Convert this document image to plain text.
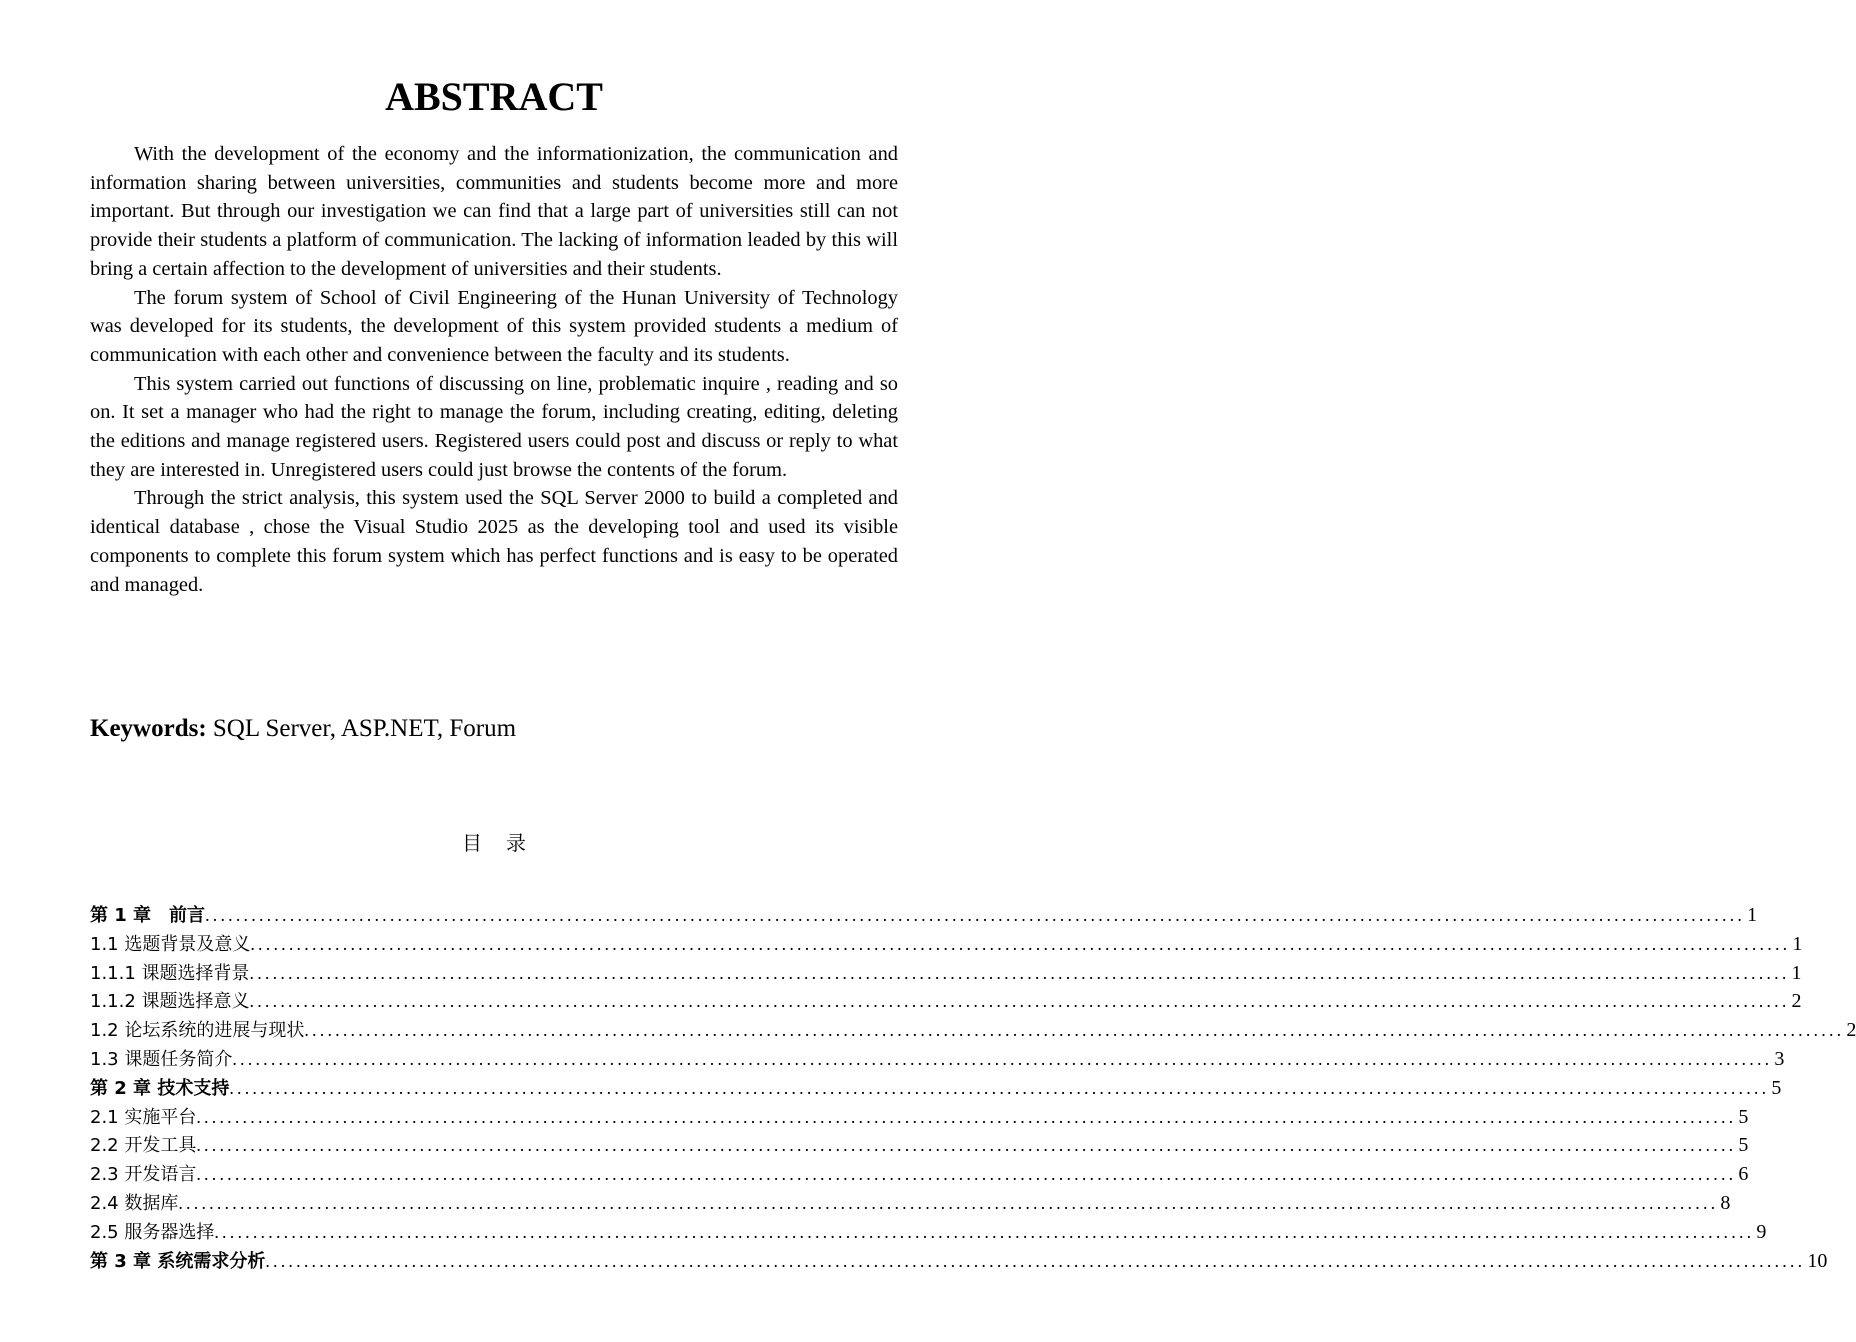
ABSTRACT

With the development of the economy and the informationization, the communication and information sharing between universities, communities and students become more and more important. But through our investigation we can find that a large part of universities still can not provide their students a platform of communication. The lacking of information leaded by this will bring a certain affection to the development of universities and their students.

The forum system of School of Civil Engineering of the Hunan University of Technology was developed for its students, the development of this system provided students a medium of communication with each other and convenience between the faculty and its students.

This system carried out functions of discussing on line, problematic inquire , reading and so on. It set a manager who had the right to manage the forum, including creating, editing, deleting the editions and manage registered users. Registered users could post and discuss or reply to what they are interested in. Unregistered users could just browse the contents of the forum.

Through the strict analysis, this system used the SQL Server 2000 to build a completed and identical database , chose the Visual Studio 2025 as the developing tool and used its visible components to complete this forum system which has perfect functions and is easy to be operated and managed.

Keywords: SQL Server, ASP.NET, Forum
目录
第 1 章　前言 ........................................................................................................................................................................................................ 1
1.1 选题背景及意义 ........................................................................................................................................................................................................ 1
1.1.1 课题选择背景 ........................................................................................................................................................................................................ 1
1.1.2 课题选择意义 ........................................................................................................................................................................................................ 2
1.2 论坛系统的进展与现状 ........................................................................................................................................................................................................ 2
1.3 课题任务简介 ........................................................................................................................................................................................................ 3
第 2 章 技术支持 ........................................................................................................................................................................................................ 5
2.1 实施平台 ........................................................................................................................................................................................................ 5
2.2 开发工具 ........................................................................................................................................................................................................ 5
2.3 开发语言 ........................................................................................................................................................................................................ 6
2.4 数据库 ........................................................................................................................................................................................................ 8
2.5 服务器选择 ........................................................................................................................................................................................................ 9
第 3 章 系统需求分析 ........................................................................................................................................................................................................ 10
